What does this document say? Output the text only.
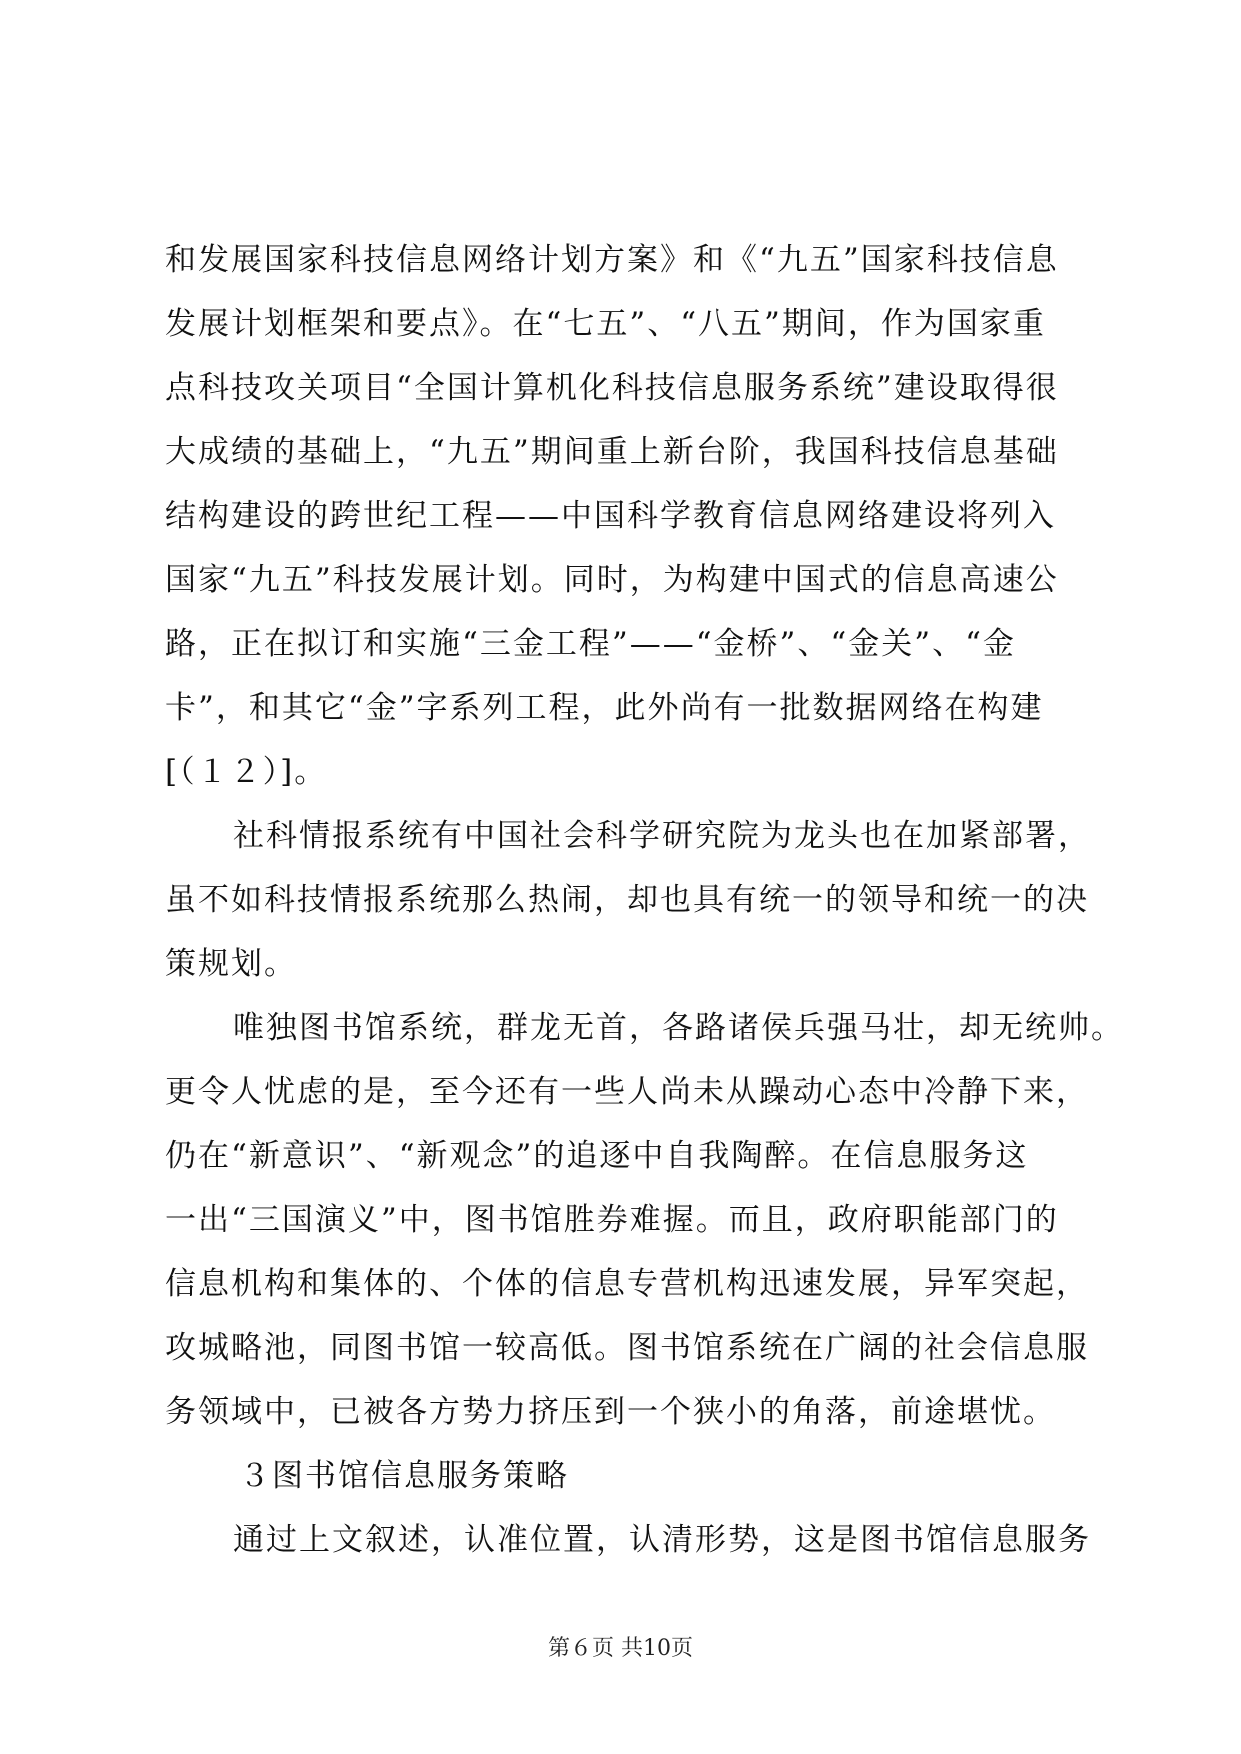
和发展国家科技信息网络计划方案》和《“九五”国家科技信息
发展计划框架和要点》。在“七五”、“八五”期间，作为国家重
点科技攻关项目“全国计算机化科技信息服务系统”建设取得很
大成绩的基础上，“九五”期间重上新台阶，我国科技信息基础
结构建设的跨世纪工程——中国科学教育信息网络建设将列入
国家“九五”科技发展计划。同时，为构建中国式的信息高速公
路，正在拟订和实施“三金工程”——“金桥”、“金关”、“金
卡”，和其它“金”字系列工程，此外尚有一批数据网络在构建
[（１２）]。
社科情报系统有中国社会科学研究院为龙头也在加紧部署，
虽不如科技情报系统那么热闹，却也具有统一的领导和统一的决
策规划。
唯独图书馆系统，群龙无首，各路诸侯兵强马壮，却无统帅。
更令人忧虑的是，至今还有一些人尚未从躁动心态中冷静下来，
仍在“新意识”、“新观念”的追逐中自我陶醉。在信息服务这
一出“三国演义”中，图书馆胜券难握。而且，政府职能部门的
信息机构和集体的、个体的信息专营机构迅速发展，异军突起，
攻城略池，同图书馆一较高低。图书馆系统在广阔的社会信息服
务领域中，已被各方势力挤压到一个狭小的角落，前途堪忧。
３图书馆信息服务策略
通过上文叙述，认准位置，认清形势，这是图书馆信息服务
第６页 共10页
